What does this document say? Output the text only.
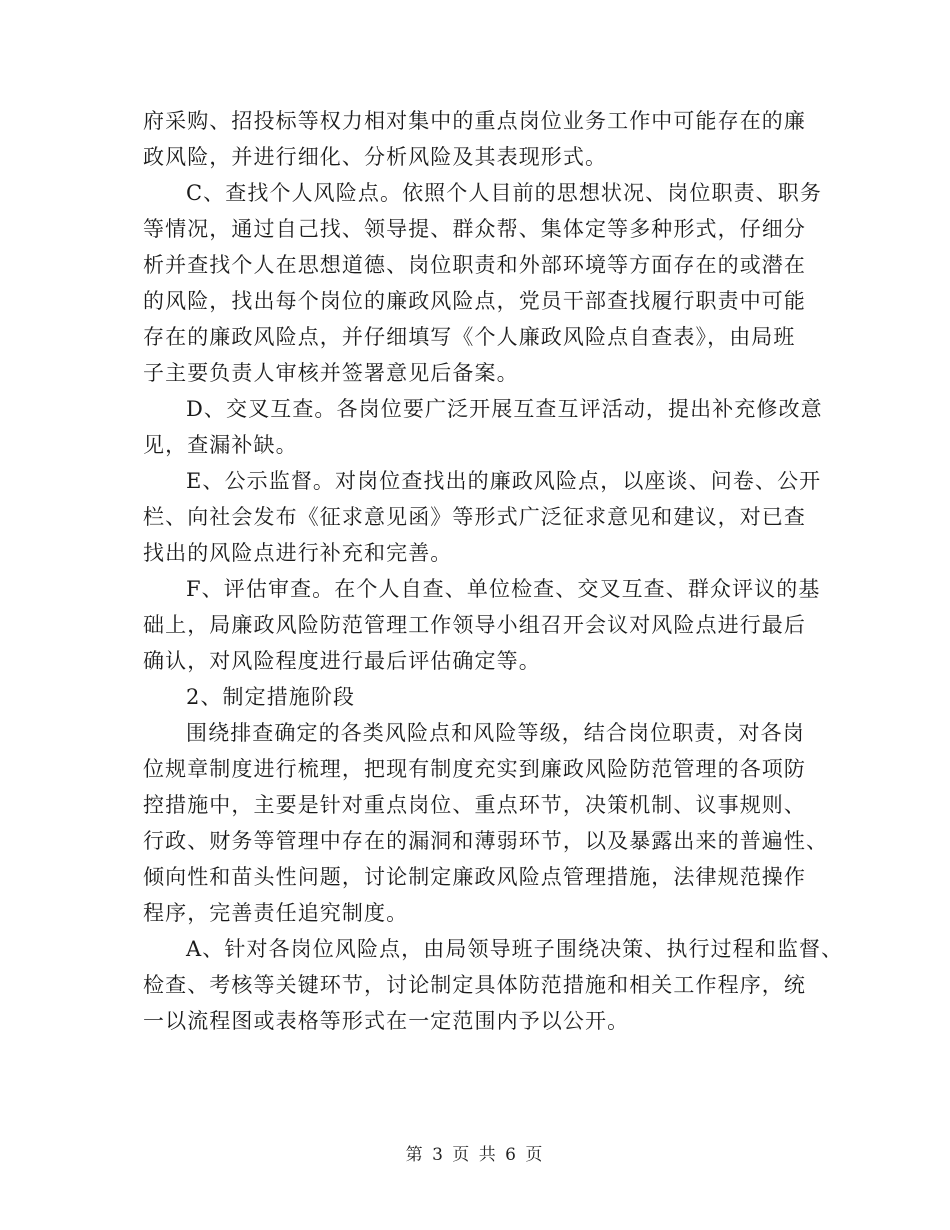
府采购、招投标等权力相对集中的重点岗位业务工作中可能存在的廉
政风险，并进行细化、分析风险及其表现形式。
C、查找个人风险点。依照个人目前的思想状况、岗位职责、职务
等情况，通过自己找、领导提、群众帮、集体定等多种形式，仔细分
析并查找个人在思想道德、岗位职责和外部环境等方面存在的或潜在
的风险，找出每个岗位的廉政风险点，党员干部查找履行职责中可能
存在的廉政风险点，并仔细填写《个人廉政风险点自查表》，由局班
子主要负责人审核并签署意见后备案。
D、交叉互查。各岗位要广泛开展互查互评活动，提出补充修改意
见，查漏补缺。
E、公示监督。对岗位查找出的廉政风险点，以座谈、问卷、公开
栏、向社会发布《征求意见函》等形式广泛征求意见和建议，对已查
找出的风险点进行补充和完善。
F、评估审查。在个人自查、单位检查、交叉互查、群众评议的基
础上，局廉政风险防范管理工作领导小组召开会议对风险点进行最后
确认，对风险程度进行最后评估确定等。
2、制定措施阶段
围绕排查确定的各类风险点和风险等级，结合岗位职责，对各岗
位规章制度进行梳理，把现有制度充实到廉政风险防范管理的各项防
控措施中，主要是针对重点岗位、重点环节，决策机制、议事规则、
行政、财务等管理中存在的漏洞和薄弱环节，以及暴露出来的普遍性、
倾向性和苗头性问题，讨论制定廉政风险点管理措施，法律规范操作
程序，完善责任追究制度。
A、针对各岗位风险点，由局领导班子围绕决策、执行过程和监督、
检查、考核等关键环节，讨论制定具体防范措施和相关工作程序，统
一以流程图或表格等形式在一定范围内予以公开。
第 3 页 共 6 页
